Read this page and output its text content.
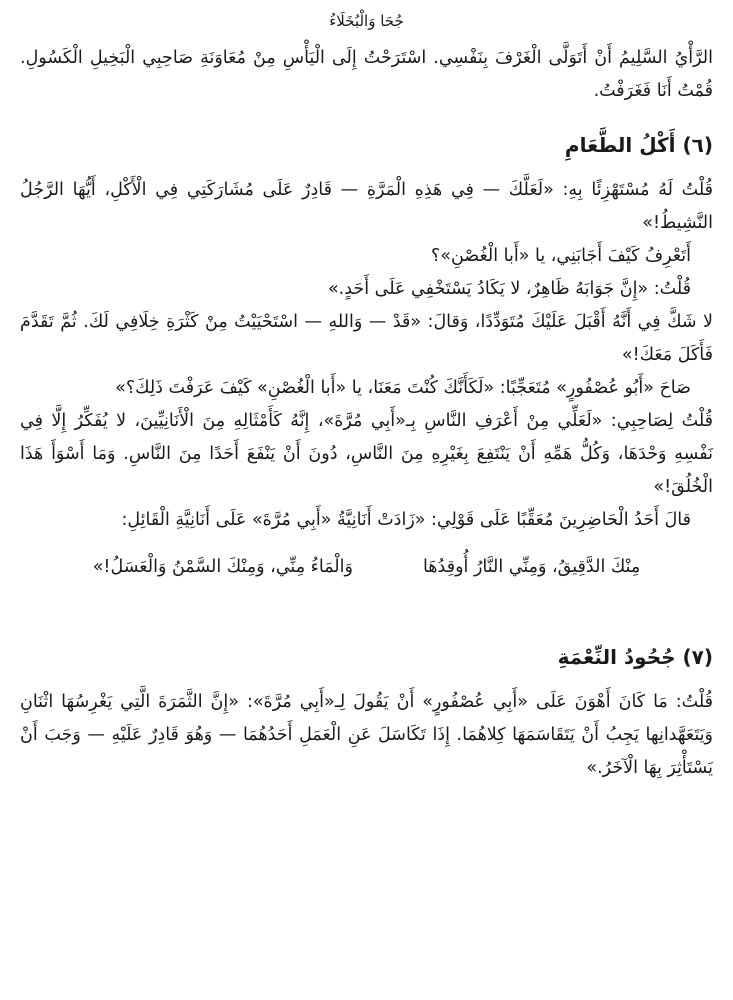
جُحَا وَالْبُخَلَاءُ

الرَّأْيُ السَّلِيمُ أَنْ أَتَوَلَّى الْغَرْفَ بِنَفْسِي. اسْتَرَحْتُ إِلَى الْيَأْسِ مِنْ مُعَاوَنَةِ صَاحِبِي الْبَخِيلِ الْكَسُولِ. قُمْتُ أَنَا فَغَرَفْتُ.

(٦) أَكْلُ الطَّعَامِ

قُلْتُ لَهُ مُسْتَهْزِئًا بِهِ: «لَعَلَّكَ — فِي هَذِهِ الْمَرَّةِ — قَادِرٌ عَلَى مُشَارَكَتِي فِي الْأَكْلِ، أَيُّهَا الرَّجُلُ النَّشِيطُ!»

أَتَعْرِفُ كَيْفَ أَجَابَنِي، يا «أَبا الْغُصْنِ»؟

قُلْتُ: «إِنَّ جَوَابَهُ ظَاهِرٌ، لا يَكَادُ يَسْتَخْفِي عَلَى أَحَدٍ.»

لا شَكَّ فِي أَنَّهُ أَقْبَلَ عَلَيْكَ مُتَوَدِّدًا، وَقالَ: «قَدْ — وَاللهِ — اسْتَحْيَيْتُ مِنْ كَثْرَةِ خِلَافِي لَكَ. ثُمَّ تَقَدَّمَ فَأَكَلَ مَعَكَ!»

صَاحَ «أَبُو عُصْفُورٍ» مُتَعَجِّبًا: «لَكَأَنَّكَ كُنْتَ مَعَنَا، يا «أَبا الْغُصْنِ» كَيْفَ عَرَفْتَ ذَلِكَ؟»

قُلْتُ لِصَاحِبِي: «لَعَلِّي مِنْ أَعْرَفِ النَّاسِ بِـ«أَبِي مُرَّةَ»، إِنَّهُ كَأَمْثَالِهِ مِنَ الْأَنَانِيِّينَ، لا يُفَكِّرُ إِلَّا فِي نَفْسِهِ وَحْدَهَا، وَكُلُّ هَمِّهِ أَنْ يَنْتَفِعَ بِغَيْرِهِ مِنَ النَّاسِ، دُونَ أَنْ يَنْفَعَ أَحَدًا مِنَ النَّاسِ. وَمَا أَسْوَأَ هَذَا الْخُلُقَ!»

قالَ أَحَدُ الْحَاضِرِينَ مُعَقِّبًا عَلَى قَوْلِي: «زَادَتْ أَنَانِيَّةُ «أَبِي مُرَّةَ» عَلَى أَنَانِيَّةِ الْقَائِلِ:

مِنْكَ الدَّقِيقُ، وَمِنِّي النَّارُ أُوقِدُهَا
وَالْمَاءُ مِنِّي، وَمِنْكَ السَّمْنُ وَالْعَسَلُ!»
(٧) جُحُودُ النِّعْمَةِ

قُلْتُ: مَا كَانَ أَهْوَنَ عَلَى «أَبِي عُصْفُورٍ» أَنْ يَقُولَ لِـ«أَبِي مُرَّةَ»: «إِنَّ الثَّمَرَةَ الَّتِي يَغْرِسُهَا اثْنَانِ وَيَتَعَهَّدانِها يَجِبُ أَنْ يَتَقَاسَمَهَا كِلاهُمَا. إِذَا تَكَاسَلَ عَنِ الْعَمَلِ أَحَدُهُمَا — وَهُوَ قَادِرٌ عَلَيْهِ — وَجَبَ أَنْ يَسْتَأْثِرَ بِهَا الْآخَرُ.»
